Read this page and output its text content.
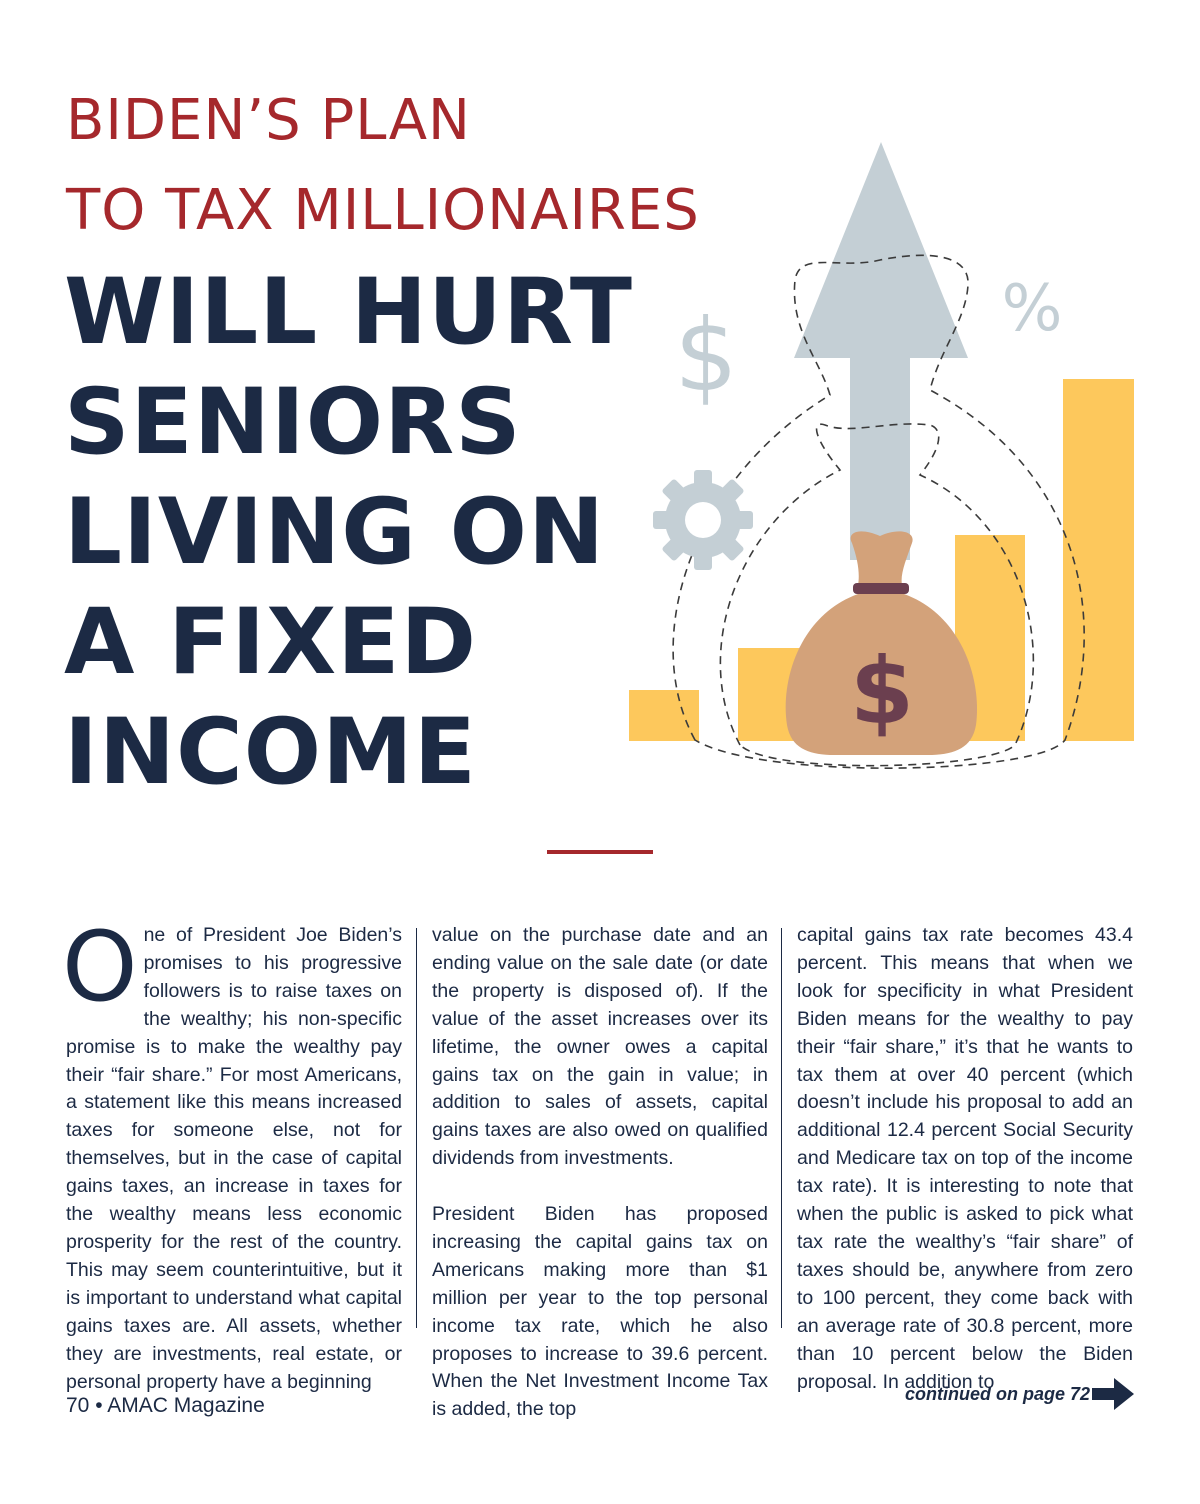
BIDEN’S PLAN
TO TAX MILLIONAIRES
WILL HURT
SENIORS
LIVING ON
A FIXED
INCOME
$	%
$
O ne of President Joe Biden’s promises to his progressive followers is to raise taxes on the wealthy; his non-specific promise is to make the wealthy pay their “fair share.” For most Americans, a statement like this means increased taxes for someone else, not for themselves, but in the case of capital gains taxes, an increase in taxes for the wealthy means less economic prosperity for the rest of the country. This may seem counterintuitive, but it is important to understand what capital gains taxes are. All assets, whether they are investments, real estate, or personal property have a beginning

value on the purchase date and an ending value on the sale date (or date the property is disposed of). If the value of the asset increases over its lifetime, the owner owes a capital gains tax on the gain in value; in addition to sales of assets, capital gains taxes are also owed on qualified dividends from investments.

President Biden has proposed increasing the capital gains tax on Americans making more than $1 million per year to the top personal income tax rate, which he also proposes to increase to 39.6 percent. When the Net Investment Income Tax is added, the top

capital gains tax rate becomes 43.4 percent. This means that when we look for specificity in what President Biden means for the wealthy to pay their “fair share,” it’s that he wants to tax them at over 40 percent (which doesn’t include his proposal to add an additional 12.4 percent Social Security and Medicare tax on top of the income tax rate). It is interesting to note that when the public is asked to pick what tax rate the wealthy’s “fair share” of taxes should be, anywhere from zero to 100 percent, they come back with an average rate of 30.8 percent, more than 10 percent below the Biden proposal. In addition to

70 • AMAC Magazine	continued on page 72
